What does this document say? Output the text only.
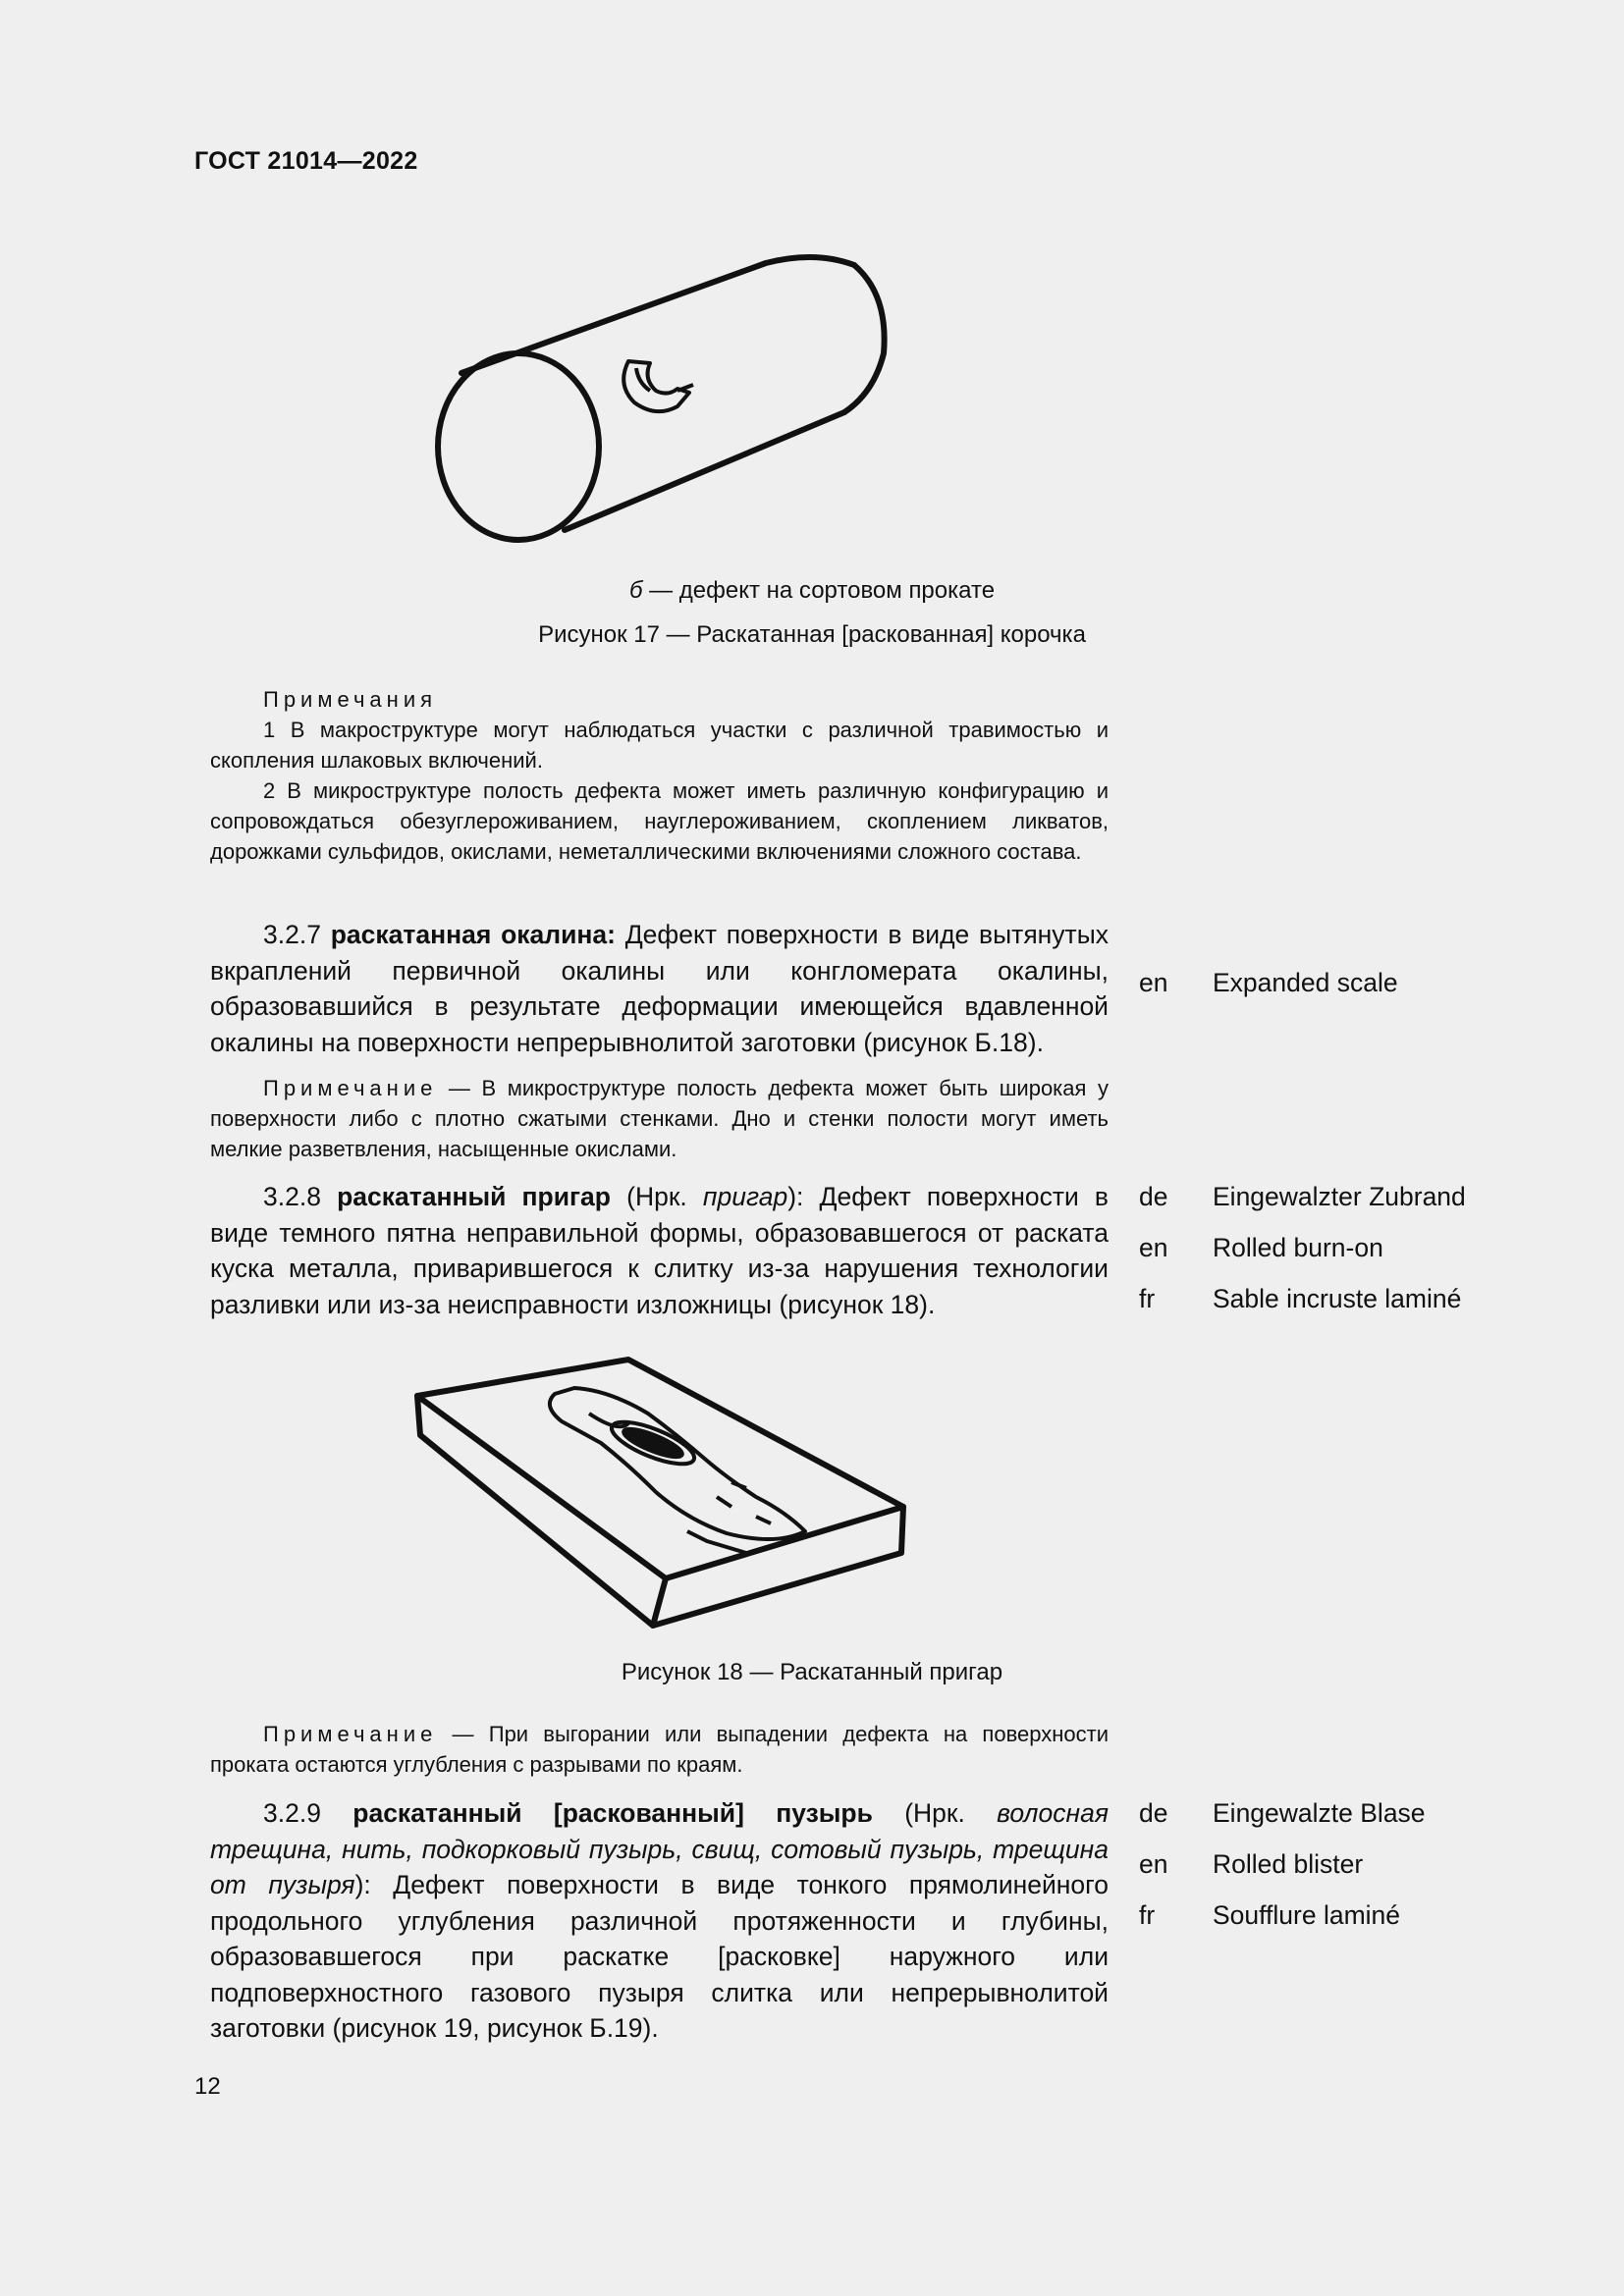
ГОСТ 21014—2022
б — дефект на сортовом прокате
Рисунок 17 — Раскатанная [раскованная] корочка

Примечания

1 В макроструктуре могут наблюдаться участки с различной травимостью и скопления шлаковых включений.

2 В микроструктуре полость дефекта может иметь различную конфигурацию и сопровождаться обезуглероживанием, науглероживанием, скоплением ликватов, дорожками сульфидов, окислами, неметаллическими включениями сложного состава.

3.2.7 раскатанная окалина: Дефект поверхности в виде вытянутых вкраплений первичной окалины или конгломерата окалины, образовавшийся в результате деформации имеющейся вдавленной окалины на поверхности непрерывнолитой заготовки (рисунок Б.18).

en Expanded scale

Примечание — В микроструктуре полость дефекта может быть широкая у поверхности либо с плотно сжатыми стенками. Дно и стенки полости могут иметь мелкие разветвления, насыщенные окислами.

3.2.8 раскатанный пригар (Нрк. пригар): Дефект поверхности в виде темного пятна неправильной формы, образовавшегося от раската куска металла, приварившегося к слитку из-за нарушения технологии разливки или из-за неисправности изложницы (рисунок 18).

de Eingewalzter Zubrand
en Rolled burn-on
fr Sable incruste laminé
Рисунок 18 — Раскатанный пригар

Примечание — При выгорании или выпадении дефекта на поверхности проката остаются углубления с разрывами по краям.

3.2.9 раскатанный [раскованный] пузырь (Нрк. волосная трещина, нить, подкорковый пузырь, свищ, сотовый пузырь, трещина от пузыря): Дефект поверхности в виде тонкого прямолинейного продольного углубления различной протяженности и глубины, образовавшегося при раскатке [расковке] наружного или подповерхностного газового пузыря слитка или непрерывнолитой заготовки (рисунок 19, рисунок Б.19).

de Eingewalzte Blase
en Rolled blister
fr Soufflure laminé
12
